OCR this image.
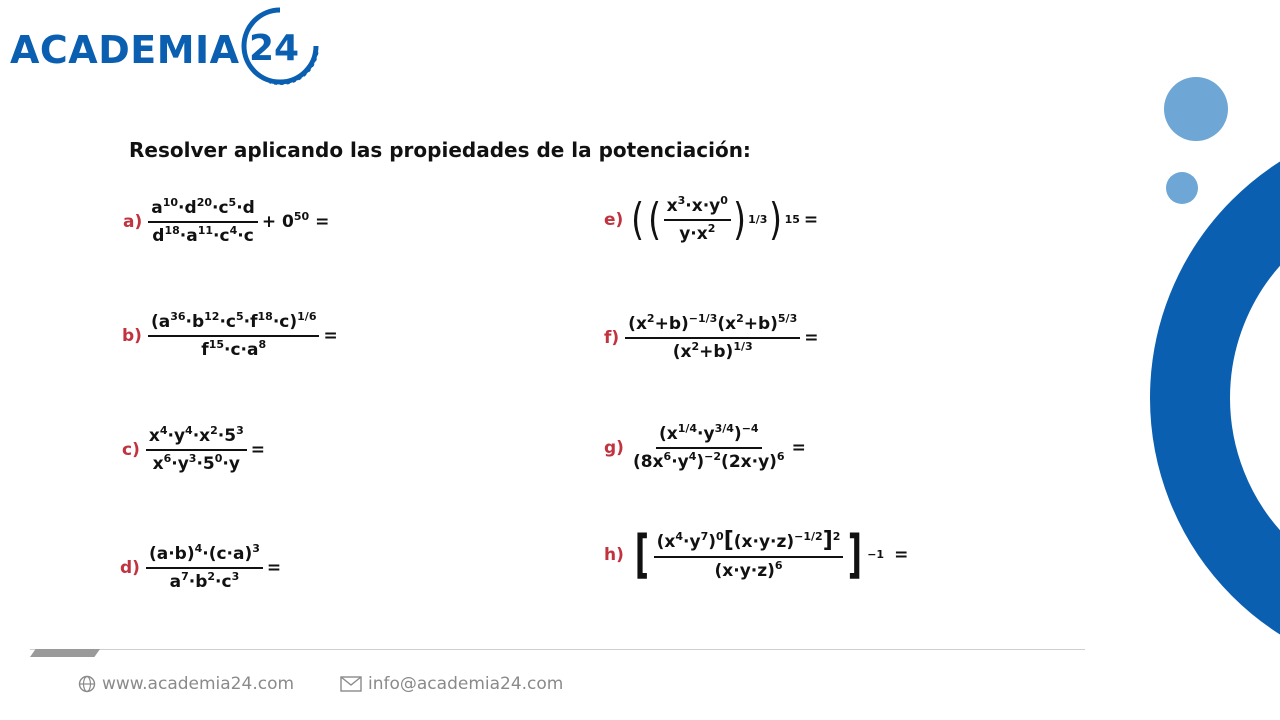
ACADEMIA 24
Resolver aplicando las propiedades de la potenciación:
$a) \frac{a^{10}\cdot d^{20}\cdot c^5\cdot d}{d^{18}\cdot a^{11}\cdot c^4\cdot c} + 0^{50}$ =
$b) \frac{(a^{36}\cdot b^{12}\cdot c^5\cdot f^{18}\cdot c)^{1/6}}{f^{15}\cdot c\cdot a^8}$ =
$c) \frac{x^4\cdot y^4\cdot x^2\cdot 5^3}{x^6\cdot y^3\cdot 5^0\cdot y}$ =
$d) \frac{(a\cdot b)^4\cdot(c\cdot a)^3}{a^7\cdot b^2\cdot c^3}$ =
e) ( ( $\frac{x^3\cdot x\cdot y^0}{y\cdot x^2}$ ) 1/3 ) 15 =
$f) \frac{(x^2+b)^{-1/3}(x^2+b)^{5/3}}{(x^2+b)^{1/3}}$ =
$g) \frac{(x^{1/4}\cdot y^{3/4})^{-4}}{(8x^6\cdot y^4)^{-2}(2x\cdot y)^6}$ =
h) [ $\frac{(x^4\cdot y^7)^0[(x\cdot y\cdot z)^{-1/2}]^2}{(x\cdot y\cdot z)^6}$ ] −1 =
www.academia24.com	info@academia24.com
